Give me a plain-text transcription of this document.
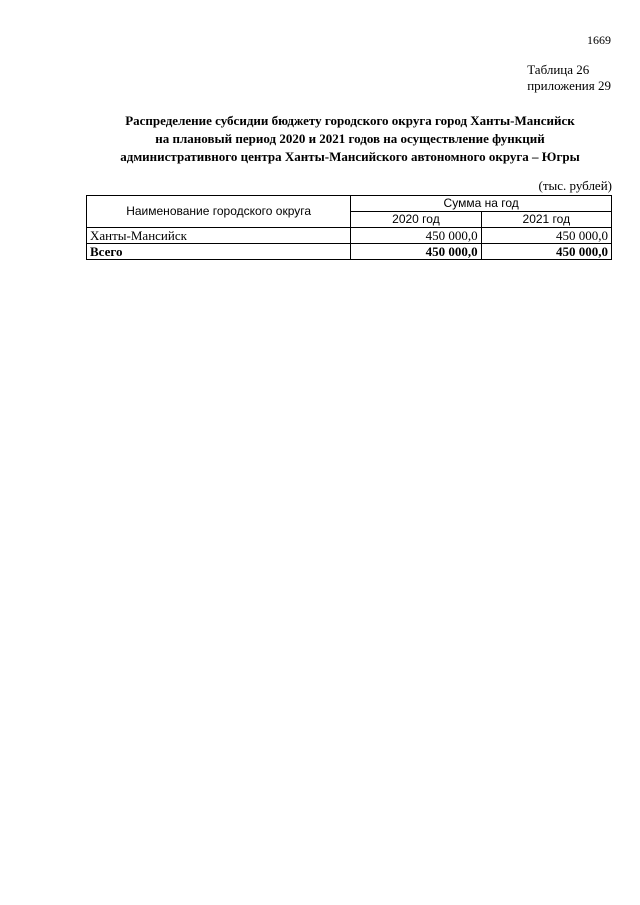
1669
Таблица 26
приложения 29
Распределение субсидии бюджету городского округа город Ханты-Мансийск
на плановый период 2020 и 2021 годов на осуществление функций
административного центра Ханты-Мансийского автономного округа – Югры
(тыс. рублей)
Наименование городского округа	Сумма на год	
	2020 год	2021 год
Ханты-Мансийск	450 000,0	450 000,0
Всего	450 000,0	450 000,0
